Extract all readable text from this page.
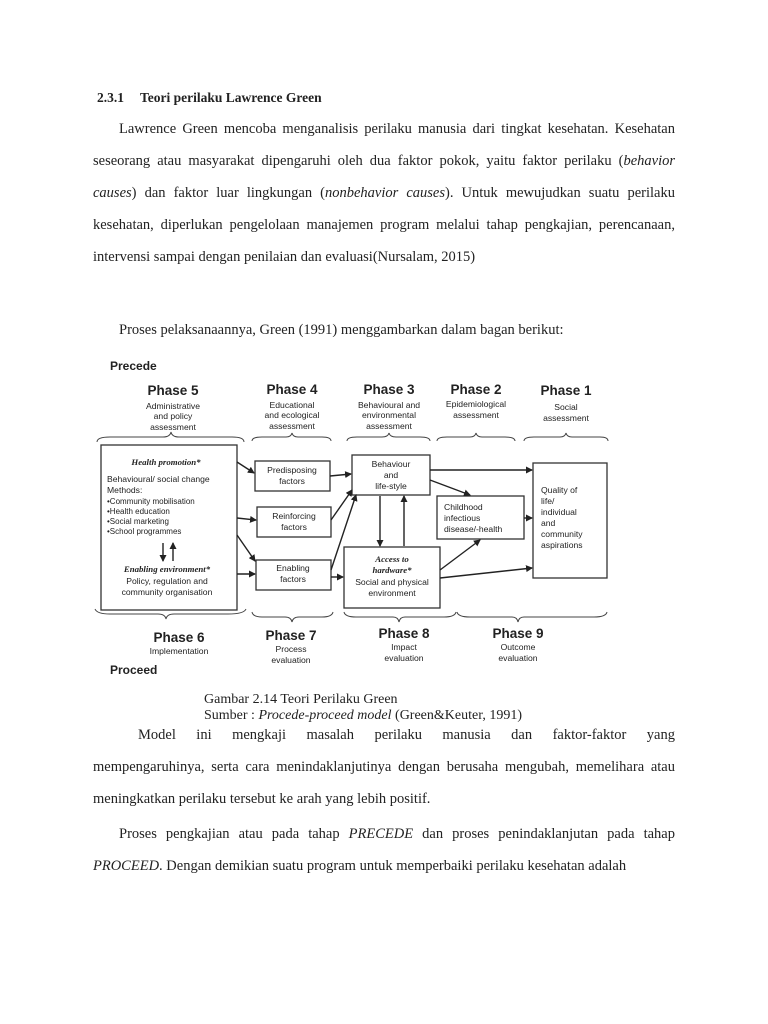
2.3.1 Teori perilaku Lawrence Green

Lawrence Green mencoba menganalisis perilaku manusia dari tingkat kesehatan. Kesehatan seseorang atau masyarakat dipengaruhi oleh dua faktor pokok, yaitu faktor perilaku (behavior causes) dan faktor luar lingkungan (nonbehavior causes). Untuk mewujudkan suatu perilaku kesehatan, diperlukan pengelolaan manajemen program melalui tahap pengkajian, perencanaan, intervensi sampai dengan penilaian dan evaluasi(Nursalam, 2015)

Proses pelaksanaannya, Green (1991) menggambarkan dalam bagan berikut:

Precede
Proceed
Phase 5
Administrative
and policy
assessment
Phase 4
Educational
and ecological
assessment
Phase 3
Behavioural and
environmental
assessment
Phase 2
Epidemiological
assessment
Phase 1
Social
assessment
Health promotion*
Behavioural/ social change
Methods:
•Community mobilisation
•Health education
•Social marketing
•School programmes
Enabling environment*
Policy, regulation and
community organisation
Predisposing
factors
Reinforcing
factors
Enabling
factors
Behaviour
and
life-style
Access to
hardware*
Social and physical
environment
Childhood
infectious
disease/-health
Quality of
life/
individual
and
community
aspirations
Phase 6
Implementation
Phase 7
Process
evaluation
Phase 8
Impact
evaluation
Phase 9
Outcome
evaluation
Gambar 2.14 Teori Perilaku Green
Sumber : Procede-proceed model (Green&Keuter, 1991)

Model ini mengkaji masalah perilaku manusia dan faktor-faktor yang

mempengaruhinya, serta cara menindaklanjutinya dengan berusaha mengubah, memelihara atau meningkatkan perilaku tersebut ke arah yang lebih positif.

Proses pengkajian atau pada tahap PRECEDE dan proses penindaklanjutan pada tahap PROCEED. Dengan demikian suatu program untuk memperbaiki perilaku kesehatan adalah
